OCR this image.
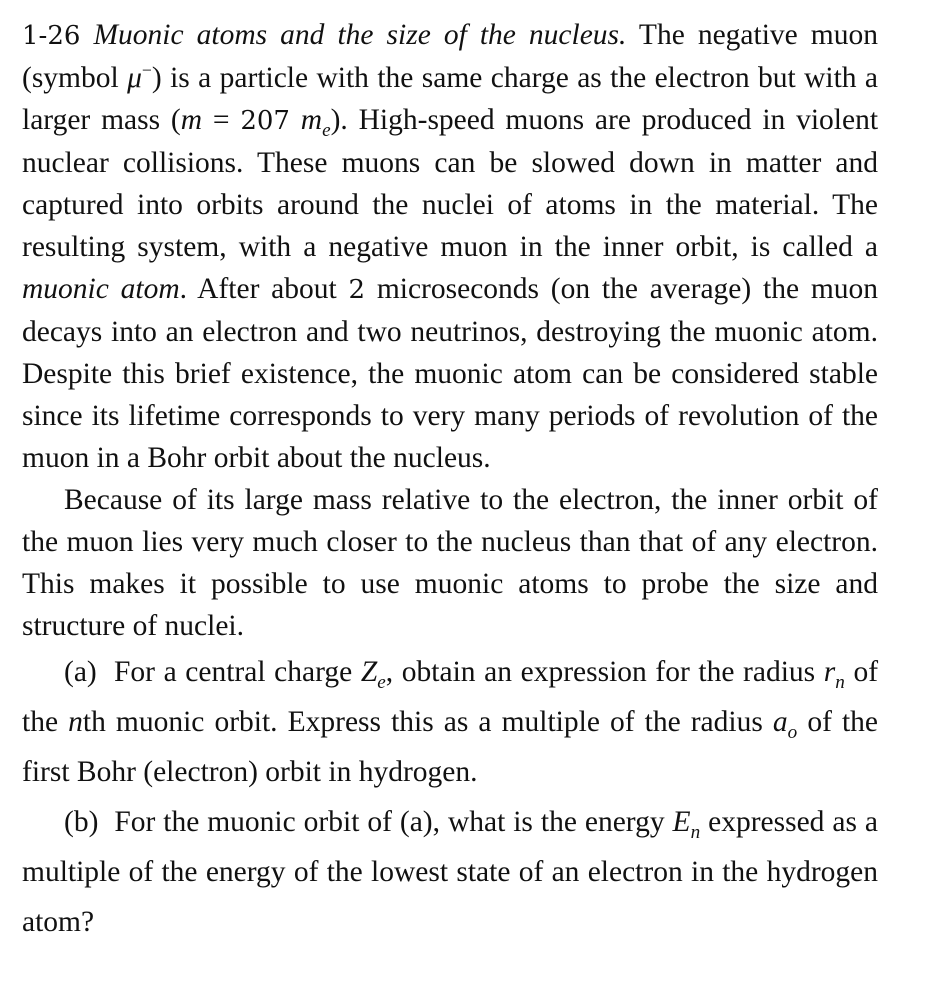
1-26 Muonic atoms and the size of the nucleus. The negative muon (symbol μ−) is a particle with the same charge as the electron but with a larger mass (m = 207 $m_e$). High-speed muons are produced in violent nuclear collisions. These muons can be slowed down in matter and captured into orbits around the nuclei of atoms in the material. The resulting system, with a negative muon in the inner orbit, is called a muonic atom. After about 2 microseconds (on the average) the muon decays into an electron and two neutrinos, destroying the muonic atom. Despite this brief existence, the muonic atom can be considered stable since its lifetime corresponds to very many periods of revolution of the muon in a Bohr orbit about the nucleus.

Because of its large mass relative to the electron, the inner orbit of the muon lies very much closer to the nucleus than that of any electron. This makes it possible to use muonic atoms to probe the size and structure of nuclei.

(a) For a central charge $Z_e$, obtain an expression for the radius $r_n$ of the nth muonic orbit. Express this as a multiple of the radius $a_o$ of the first Bohr (electron) orbit in hydrogen.

(b) For the muonic orbit of (a), what is the energy $E_n$ expressed as a multiple of the energy of the lowest state of an electron in the hydrogen atom?
